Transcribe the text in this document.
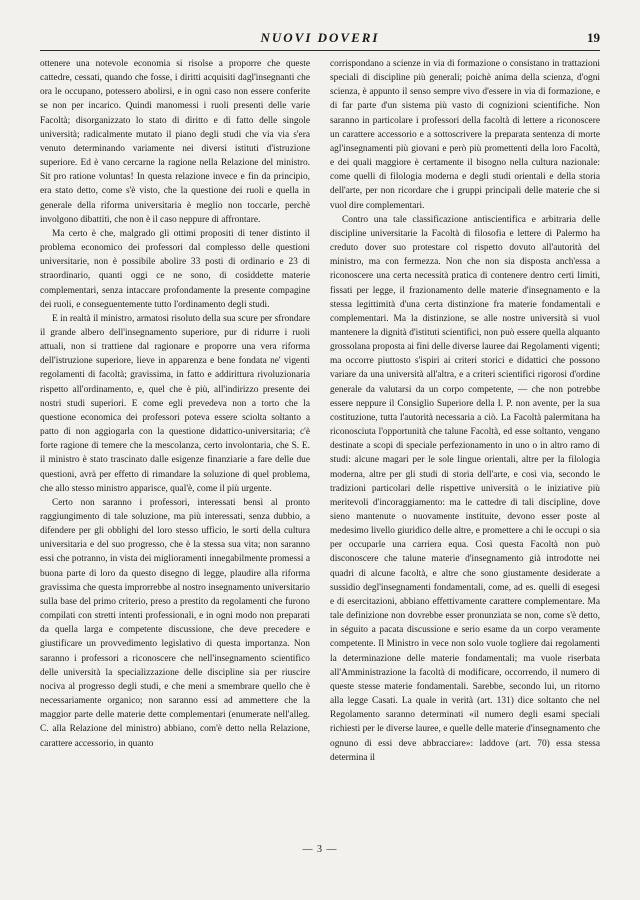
NUOVI DOVERI	19

ottenere una notevole economia si risolse a proporre che queste cattedre, cessati, quando che fosse, i diritti acquisiti dagl'insegnanti che ora le occupano, potessero abolirsi, e in ogni caso non essere conferite se non per incarico. Quindi manomessi i ruoli presenti delle varie Facoltà; disorganizzato lo stato di diritto e di fatto delle singole università; radicalmente mutato il piano degli studi che via via s'era venuto determinando variamente nei diversi istituti d'istruzione superiore. Ed è vano cercarne la ragione nella Relazione del ministro. Sit pro ratione voluntas! In questa relazione invece e fin da principio, era stato detto, come s'è visto, che la questione dei ruoli e quella in generale della riforma universitaria è meglio non toccarle, perchè involgono dibattiti, che non è il caso neppure di affrontare.

Ma certo è che, malgrado gli ottimi propositi di tener distinto il problema economico dei professori dal complesso delle questioni universitarie, non è possibile abolire 33 posti di ordinario e 23 di straordinario, quanti oggi ce ne sono, di cosiddette materie complementari, senza intaccare profondamente la presente compagine dei ruoli, e conseguentemente tutto l'ordinamento degli studi.

E in realtà il ministro, armatosi risoluto della sua scure per sfrondare il grande albero dell'insegnamento superiore, pur di ridurre i ruoli attuali, non si trattiene dal ragionare e proporre una vera riforma dell'istruzione superiore, lieve in apparenza e bene fondata ne' vigenti regolamenti di facoltà; gravissima, in fatto e addirittura rivoluzionaria rispetto all'ordinamento, e, quel che è più, all'indirizzo presente dei nostri studi superiori. E come egli prevedeva non a torto che la questione economica dei professori poteva essere sciolta soltanto a patto di non aggiogarla con la questione didattico-universitaria; c'è forte ragione di temere che la mescolanza, certo involontaria, che S. E. il ministro è stato trascinato dalle esigenze finanziarie a fare delle due questioni, avrà per effetto di rimandare la soluzione di quel problema, che allo stesso ministro apparisce, qual'è, come il più urgente.

Certo non saranno i professori, interessati bensì al pronto raggiungimento di tale soluzione, ma più interessati, senza dubbio, a difendere per gli obblighi del loro stesso ufficio, le sorti della cultura universitaria e del suo progresso, che è la stessa sua vita; non saranno essi che potranno, in vista dei miglioramenti innegabilmente promessi a buona parte di loro da questo disegno di legge, plaudire alla riforma gravissima che questa improrrebbe al nostro insegnamento universitario sulla base del primo criterio, preso a prestito da regolamenti che furono compilati con stretti intenti professionali, e in ogni modo non preparati da quella larga e competente discussione, che deve precedere e giustificare un provvedimento legislativo di questa importanza. Non saranno i professori a riconoscere che nell'insegnamento scientifico delle università la specializzazione delle discipline sia per riuscire nociva al progresso degli studi, e che meni a smembrare quello che è necessariamente organico; non saranno essi ad ammettere che la maggior parte delle materie dette complementari (enumerate nell'alleg. C. alla Relazione del ministro) abbiano, com'è detto nella Relazione, carattere accessorio, in quanto

corrispondano a scienze in via di formazione o consistano in trattazioni speciali di discipline più generali; poichè anima della scienza, d'ogni scienza, è appunto il senso sempre vivo d'essere in via di formazione, e di far parte d'un sistema più vasto di cognizioni scientifiche. Non saranno in particolare i professori della facoltà di lettere a riconoscere un carattere accessorio e a sottoscrivere la preparata sentenza di morte agl'insegnamenti più giovani e però più promettenti della loro Facoltà, e dei quali maggiore è certamente il bisogno nella cultura nazionale: come quelli di filologia moderna e degli studi orientali e della storia dell'arte, per non ricordare che i gruppi principali delle materie che si vuol dire complementari.

Contro una tale classificazione antiscientifica e arbitraria delle discipline universitarie la Facoltà di filosofia e lettere di Palermo ha creduto dover suo protestare col rispetto dovuto all'autorità del ministro, ma con fermezza. Non che non sia disposta anch'essa a riconoscere una certa necessità pratica di contenere dentro certi limiti, fissati per legge, il frazionamento delle materie d'insegnamento e la stessa legittimità d'una certa distinzione fra materie fondamentali e complementari. Ma la distinzione, se alle nostre università si vuol mantenere la dignità d'istituti scientifici, non può essere quella alquanto grossolana proposta ai fini delle diverse lauree dai Regolamenti vigenti; ma occorre piuttosto s'ispiri ai criteri storici e didattici che possono variare da una università all'altra, e a criteri scientifici rigorosi d'ordine generale da valutarsi da un corpo competente, — che non potrebbe essere neppure il Consiglio Superiore della I. P. non avente, per la sua costituzione, tutta l'autorità necessaria a ciò. La Facoltà palermitana ha riconosciuta l'opportunità che talune Facoltà, ed esse soltanto, vengano destinate a scopi di speciale perfezionamento in uno o in altro ramo di studi: alcune magari per le sole lingue orientali, altre per la filologia moderna, altre per gli studi di storia dell'arte, e così via, secondo le tradizioni particolari delle rispettive università o le iniziative più meritevoli d'incoraggiamento: ma le cattedre di tali discipline, dove sieno mantenute o nuovamente instituite, devono esser poste al medesimo livello giuridico delle altre, e promettere a chi le occupi o sia per occuparle una carriera equa. Così questa Facoltà non può disconoscere che talune materie d'insegnamento già introdotte nei quadri di alcune facoltà, e altre che sono giustamente desiderate a sussidio degl'insegnamenti fondamentali, come, ad es. quelli di esegesi e di esercitazioni, abbiano effettivamente carattere complementare. Ma tale definizione non dovrebbe esser pronunziata se non, come s'è detto, in séguito a pacata discussione e serio esame da un corpo veramente competente. Il Ministro in vece non solo vuole togliere dai regolamenti la determinazione delle materie fondamentali; ma vuole riserbata all'Amministrazione la facoltà di modificare, occorrendo, il numero di queste stesse materie fondamentali. Sarebbe, secondo lui, un ritorno alla legge Casati. La quale in verità (art. 131) dice soltanto che nel Regolamento saranno determinati «il numero degli esami speciali richiesti per le diverse lauree, e quelle delle materie d'insegnamento che ognuno di essi deve abbracciare»: laddove (art. 70) essa stessa determina il

— 3 —
